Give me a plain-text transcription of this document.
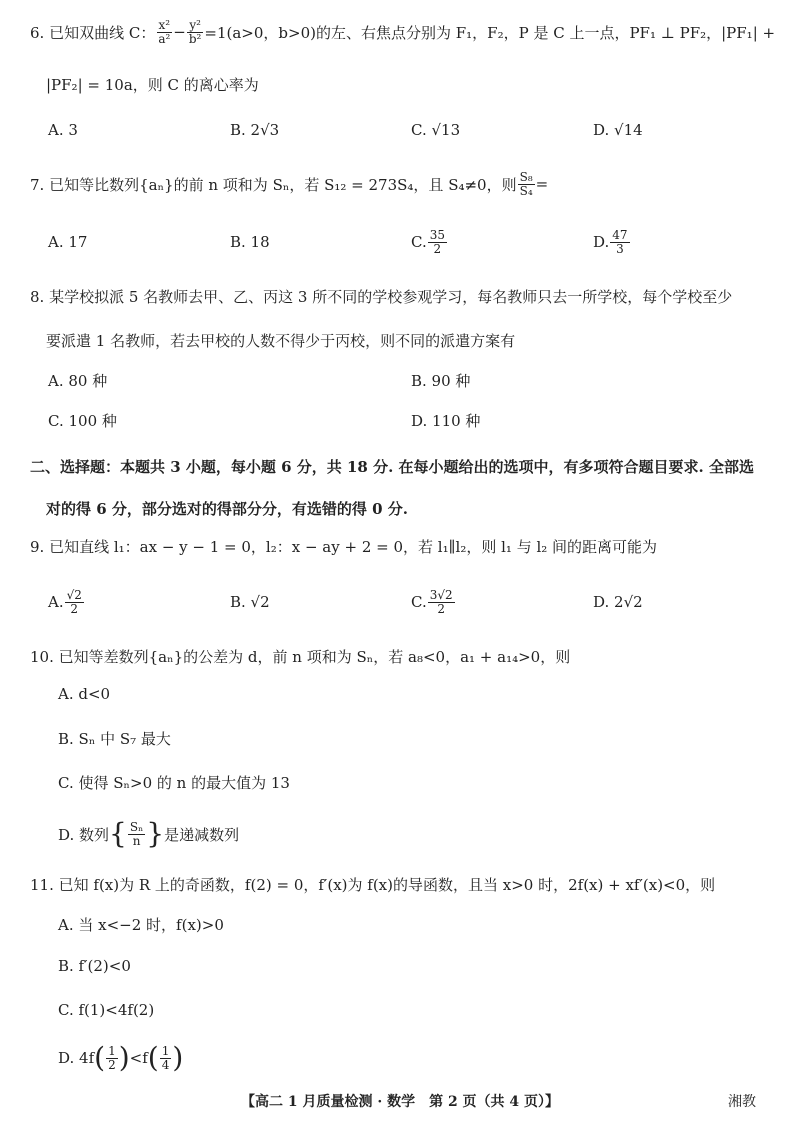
6. 已知双曲线 C： $\frac{\text{x²}}{\text{a²}} - \frac{\text{y²}}{\text{b²}} =1(a>0$，b>0) 的左、右焦点分别为 F₁，F₂，P 是 C 上一点，PF₁ ⊥ PF₂，|PF₁| +
|PF₂| = 10a，则 C 的离心率为
A. 3	B. 2√3	C. √13	D. √14
7. 已知等比数列{aₙ}的前 n 项和为 Sₙ，若 S₁₂ = 273S₄，且 S₄≠0，则 $\frac{\text{S₈}}{\text{S₄}}$ =
A. 17	B. 18	C. $\frac{35}{2}$	D. $\frac{47}{3}$
8. 某学校拟派 5 名教师去甲、乙、丙这 3 所不同的学校参观学习，每名教师只去一所学校，每个学校至少
要派遣 1 名教师，若去甲校的人数不得少于丙校，则不同的派遣方案有
A. 80 种	B. 90 种
C. 100 种	D. 110 种
二、选择题：本题共 3 小题，每小题 6 分，共 18 分. 在每小题给出的选项中，有多项符合题目要求. 全部选
对的得 6 分，部分选对的得部分分，有选错的得 0 分.
9. 已知直线 l₁：ax − y − 1 = 0，l₂：x − ay + 2 = 0，若 l₁∥l₂，则 l₁ 与 l₂ 间的距离可能为
A. $\frac{√2}{2}$	B. √2	C. $\frac{3√2}{2}$	D. 2√2
10. 已知等差数列{aₙ}的公差为 d，前 n 项和为 Sₙ，若 a₈<0，a₁ + a₁₄>0，则
A. d<0
B. Sₙ 中 S₇ 最大
C. 使得 Sₙ>0 的 n 的最大值为 13
D. 数列 { $\frac{\text{Sₙ}}{n}$ } 是递减数列
11. 已知 f(x)为 R 上的奇函数，f(2) = 0，f′(x)为 f(x)的导函数，且当 x>0 时，2f(x) + xf′(x)<0，则
A. 当 x<−2 时，f(x)>0
B. f′(2)<0
C. f(1)<4f(2)
D. 4f ( $\frac{1}{2}$ ) <f ( $\frac{1}{4}$ )
【高二 1 月质量检测 · 数学　第 2 页（共 4 页）】	湘教
